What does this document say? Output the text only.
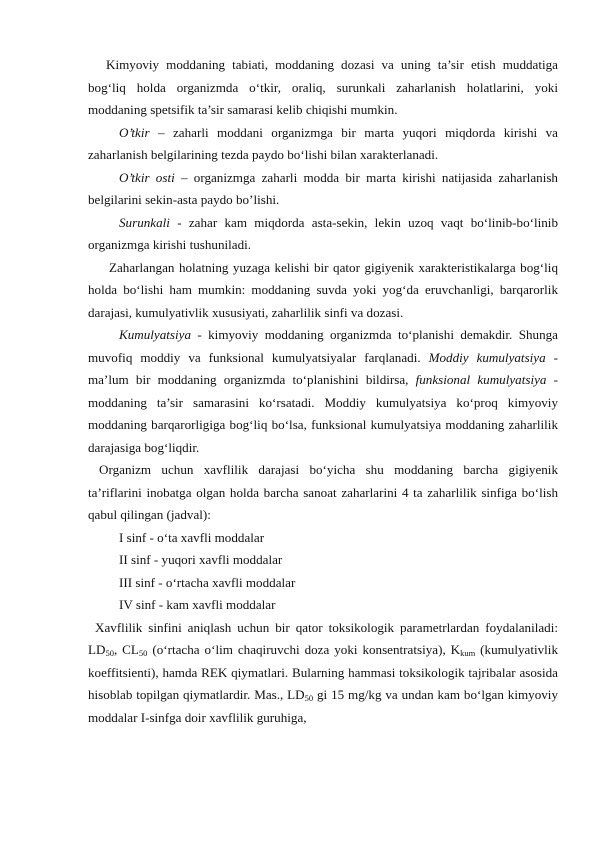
Kimyoviy moddaning tabiati, moddaning dozasi va uning ta’sir etish muddatiga bog‘liq holda organizmda o‘tkir, oraliq, surunkali zaharlanish holatlarini, yoki moddaning spetsifik ta’sir samarasi kelib chiqishi mumkin.

O’tkir – zaharli moddani organizmga bir marta yuqori miqdorda kirishi va zaharlanish belgilarining tezda paydo bo‘lishi bilan xarakterlanadi.

O’tkir osti – organizmga zaharli modda bir marta kirishi natijasida zaharlanish belgilarini sekin-asta paydo bo’lishi.

Surunkali - zahar kam miqdorda asta-sekin, lekin uzoq vaqt bo‘linib-bo‘linib organizmga kirishi tushuniladi.

Zaharlangan holatning yuzaga kelishi bir qator gigiyenik xarakteristikalarga bog‘liq holda bo‘lishi ham mumkin: moddaning suvda yoki yog‘da eruvchanligi, barqarorlik darajasi, kumulyativlik xususiyati, zaharlilik sinfi va dozasi.

Kumulyatsiya - kimyoviy moddaning organizmda to‘planishi demakdir. Shunga muvofiq moddiy va funksional kumulyatsiyalar farqlanadi. Moddiy kumulyatsiya - ma’lum bir moddaning organizmda to‘planishini bildirsa, funksional kumulyatsiya - moddaning ta’sir samarasini ko‘rsatadi. Moddiy kumulyatsiya ko‘proq kimyoviy moddaning barqarorligiga bog‘liq bo‘lsa, funksional kumulyatsiya moddaning zaharlilik darajasiga bog‘liqdir.

Organizm uchun xavflilik darajasi bo‘yicha shu moddaning barcha gigiyenik ta’riflarini inobatga olgan holda barcha sanoat zaharlarini 4 ta zaharlilik sinfiga bo‘lish qabul qilingan (jadval):

I sinf - o‘ta xavfli moddalar
II sinf - yuqori xavfli moddalar
III sinf - o‘rtacha xavfli moddalar
IV sinf - kam xavfli moddalar

Xavflilik sinfini aniqlash uchun bir qator toksikologik parametrlardan foydalaniladi: $LD_{50}$, $CL_{50}$ (o‘rtacha o‘lim chaqiruvchi doza yoki konsentratsiya), $K_{kum}$ (kumulyativlik koeffitsienti), hamda REK qiymatlari. Bularning hammasi toksikologik tajribalar asosida hisoblab topilgan qiymatlardir. Mas., $LD_{50}$ gi 15 mg/kg va undan kam bo‘lgan kimyoviy moddalar I-sinfga doir xavflilik guruhiga,
